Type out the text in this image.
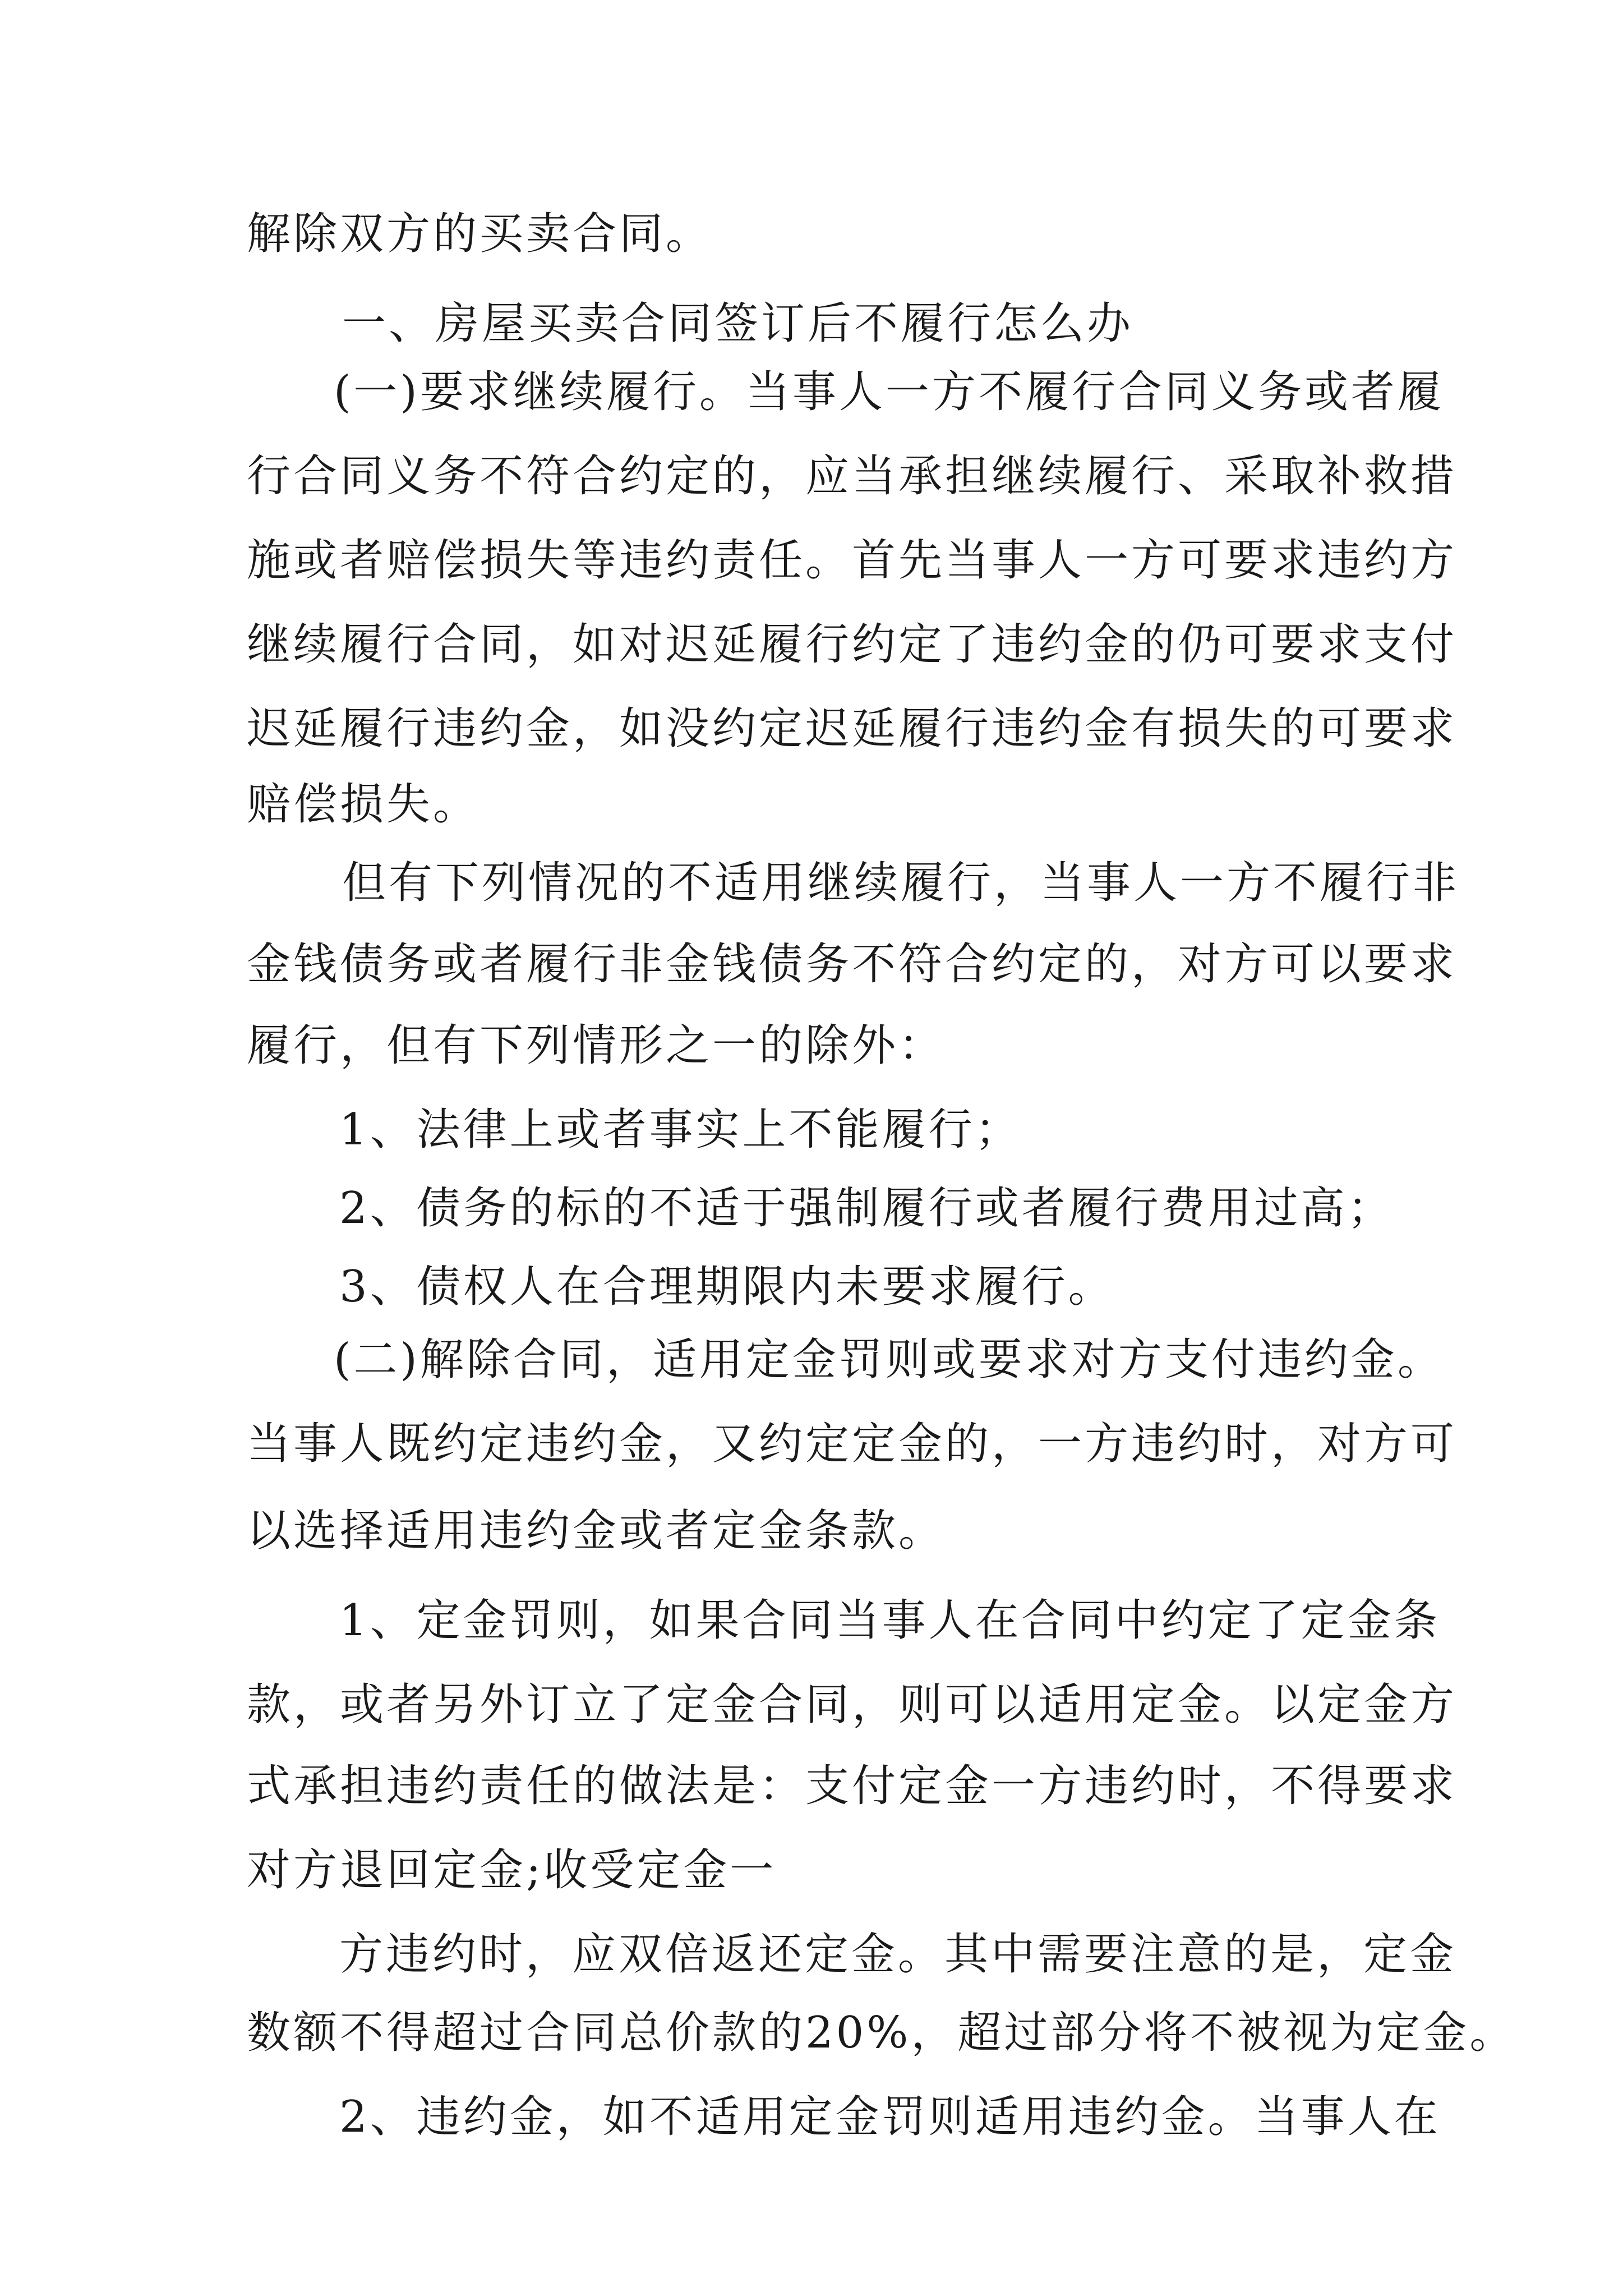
解除双方的买卖合同。
一、房屋买卖合同签订后不履行怎么办
(一)要求继续履行。当事人一方不履行合同义务或者履
行合同义务不符合约定的，应当承担继续履行、采取补救措
施或者赔偿损失等违约责任。首先当事人一方可要求违约方
继续履行合同，如对迟延履行约定了违约金的仍可要求支付
迟延履行违约金，如没约定迟延履行违约金有损失的可要求
赔偿损失。
但有下列情况的不适用继续履行，当事人一方不履行非
金钱债务或者履行非金钱债务不符合约定的，对方可以要求
履行，但有下列情形之一的除外：
1、法律上或者事实上不能履行；
2、债务的标的不适于强制履行或者履行费用过高；
3、债权人在合理期限内未要求履行。
(二)解除合同，适用定金罚则或要求对方支付违约金。
当事人既约定违约金，又约定定金的，一方违约时，对方可
以选择适用违约金或者定金条款。
1、定金罚则，如果合同当事人在合同中约定了定金条
款，或者另外订立了定金合同，则可以适用定金。以定金方
式承担违约责任的做法是：支付定金一方违约时，不得要求
对方退回定金;收受定金一
方违约时，应双倍返还定金。其中需要注意的是，定金
数额不得超过合同总价款的20%，超过部分将不被视为定金。
2、违约金，如不适用定金罚则适用违约金。当事人在
